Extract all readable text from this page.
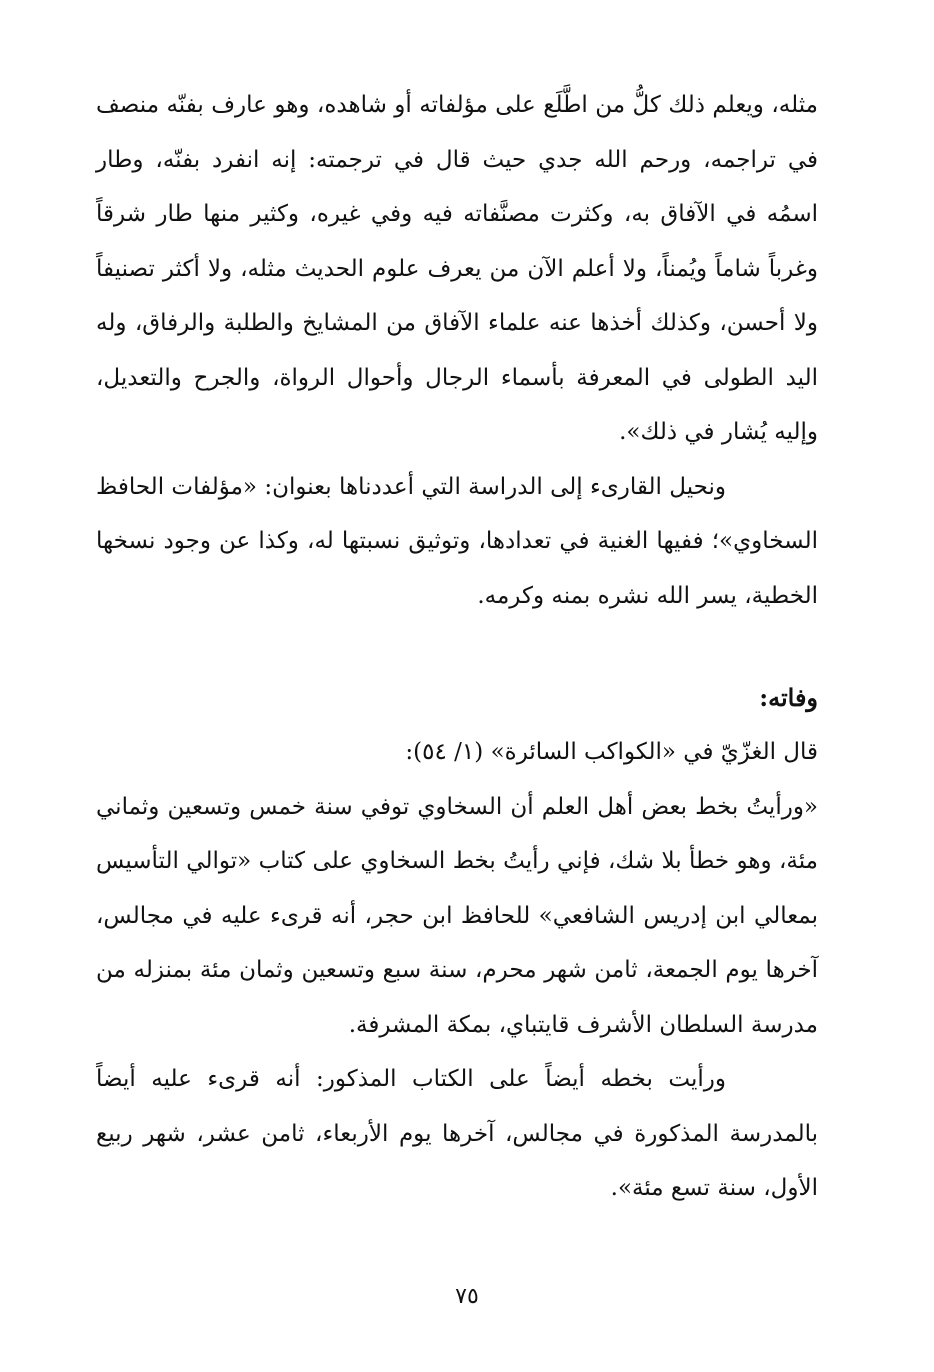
مثله، ويعلم ذلك كلُّ من اطَّلَع على مؤلفاته أو شاهده، وهو عارف بفنّه منصف في تراجمه، ورحم الله جدي حيث قال في ترجمته: إنه انفرد بفنّه، وطار اسمُه في الآفاق به، وكثرت مصنَّفاته فيه وفي غيره، وكثير منها طار شرقاً وغرباً شاماً ويُمناً، ولا أعلم الآن من يعرف علوم الحديث مثله، ولا أكثر تصنيفاً ولا أحسن، وكذلك أخذها عنه علماء الآفاق من المشايخ والطلبة والرفاق، وله اليد الطولى في المعرفة بأسماء الرجال وأحوال الرواة، والجرح والتعديل، وإليه يُشار في ذلك».

ونحيل القارىء إلى الدراسة التي أعددناها بعنوان: «مؤلفات الحافظ السخاوي»؛ ففيها الغنية في تعدادها، وتوثيق نسبتها له، وكذا عن وجود نسخها الخطية، يسر الله نشره بمنه وكرمه.

وفاته:

قال الغزّيّ في «الكواكب السائرة» (١/ ٥٤):

«ورأيتُ بخط بعض أهل العلم أن السخاوي توفي سنة خمس وتسعين وثماني مئة، وهو خطأ بلا شك، فإني رأيتُ بخط السخاوي على كتاب «توالي التأسيس بمعالي ابن إدريس الشافعي» للحافظ ابن حجر، أنه قرىء عليه في مجالس، آخرها يوم الجمعة، ثامن شهر محرم، سنة سبع وتسعين وثمان مئة بمنزله من مدرسة السلطان الأشرف قايتباي، بمكة المشرفة.

ورأيت بخطه أيضاً على الكتاب المذكور: أنه قرىء عليه أيضاً بالمدرسة المذكورة في مجالس، آخرها يوم الأربعاء، ثامن عشر، شهر ربيع الأول، سنة تسع مئة».

٧٥
